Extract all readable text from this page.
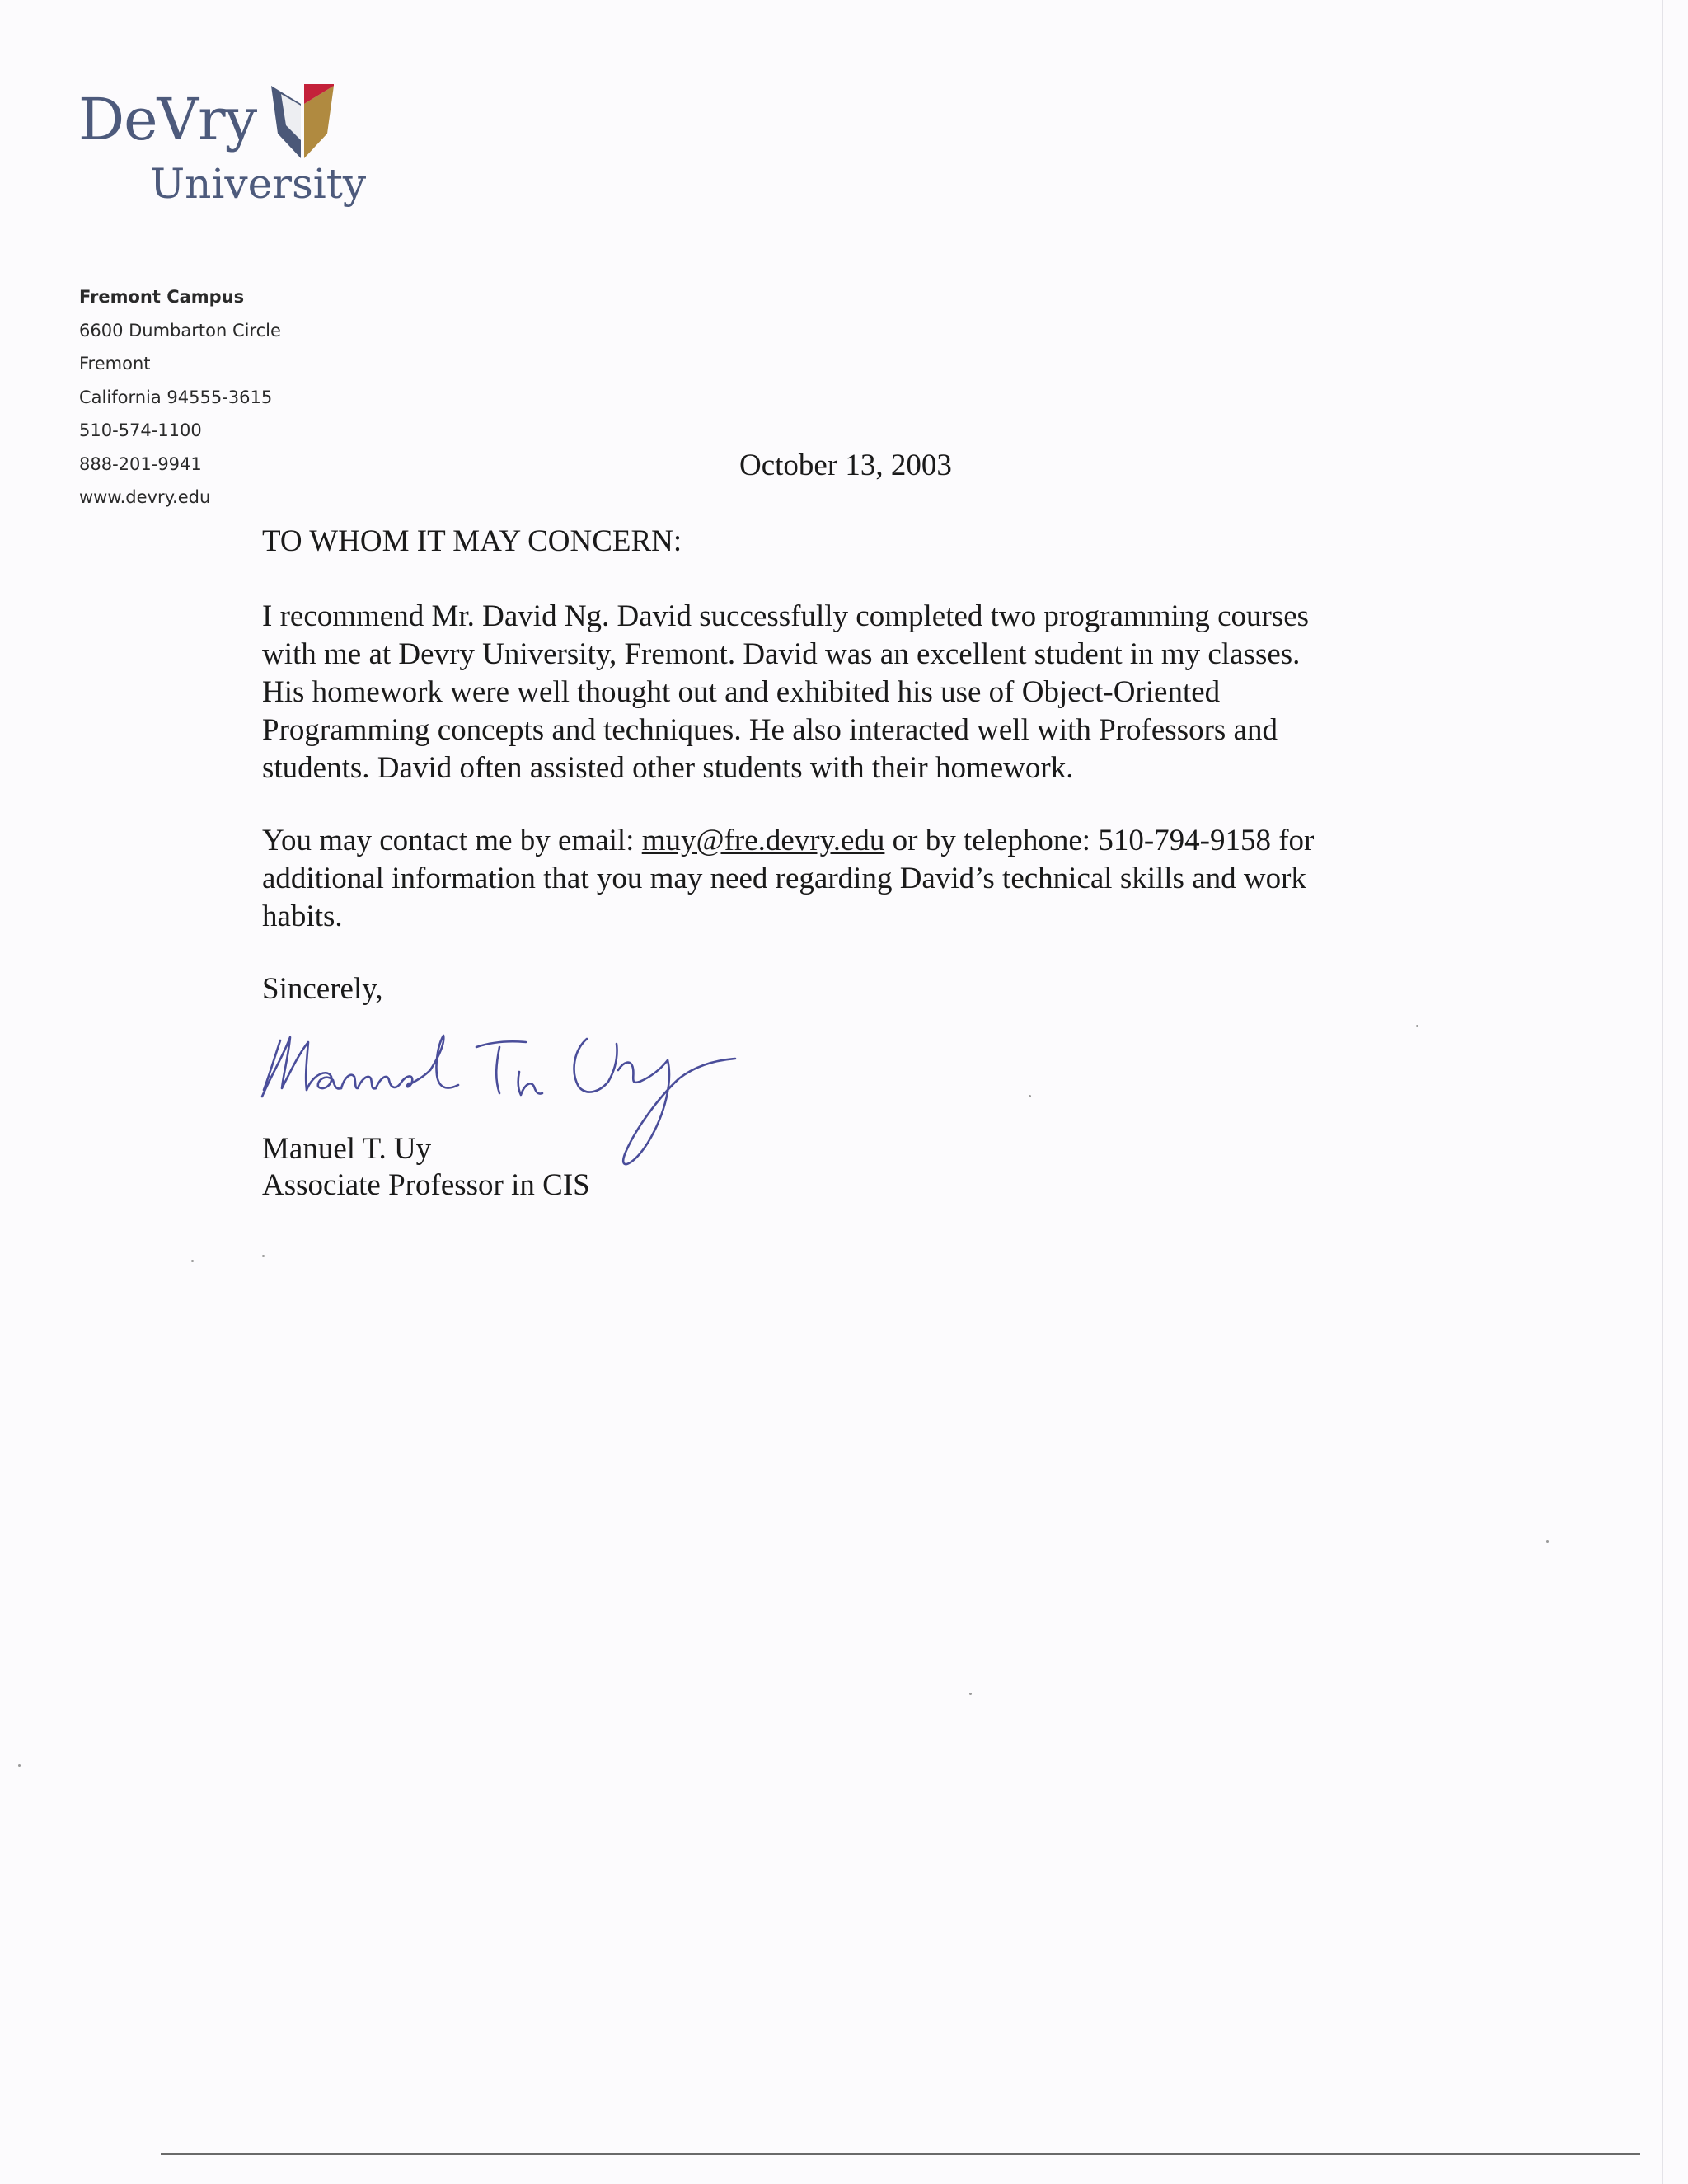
DeVry
University
Fremont Campus
6600 Dumbarton Circle
Fremont
California 94555-3615
510-574-1100
888-201-9941
www.devry.edu
October 13, 2003
TO WHOM IT MAY CONCERN:
I recommend Mr. David Ng. David successfully completed two programming courses
with me at Devry University, Fremont. David was an excellent student in my classes.
His homework were well thought out and exhibited his use of Object-Oriented
Programming concepts and techniques. He also interacted well with Professors and
students. David often assisted other students with their homework.
You may contact me by email: muy@fre.devry.edu or by telephone: 510-794-9158 for
additional information that you may need regarding David’s technical skills and work
habits.
Sincerely,
Manuel T. Uy
Associate Professor in CIS
